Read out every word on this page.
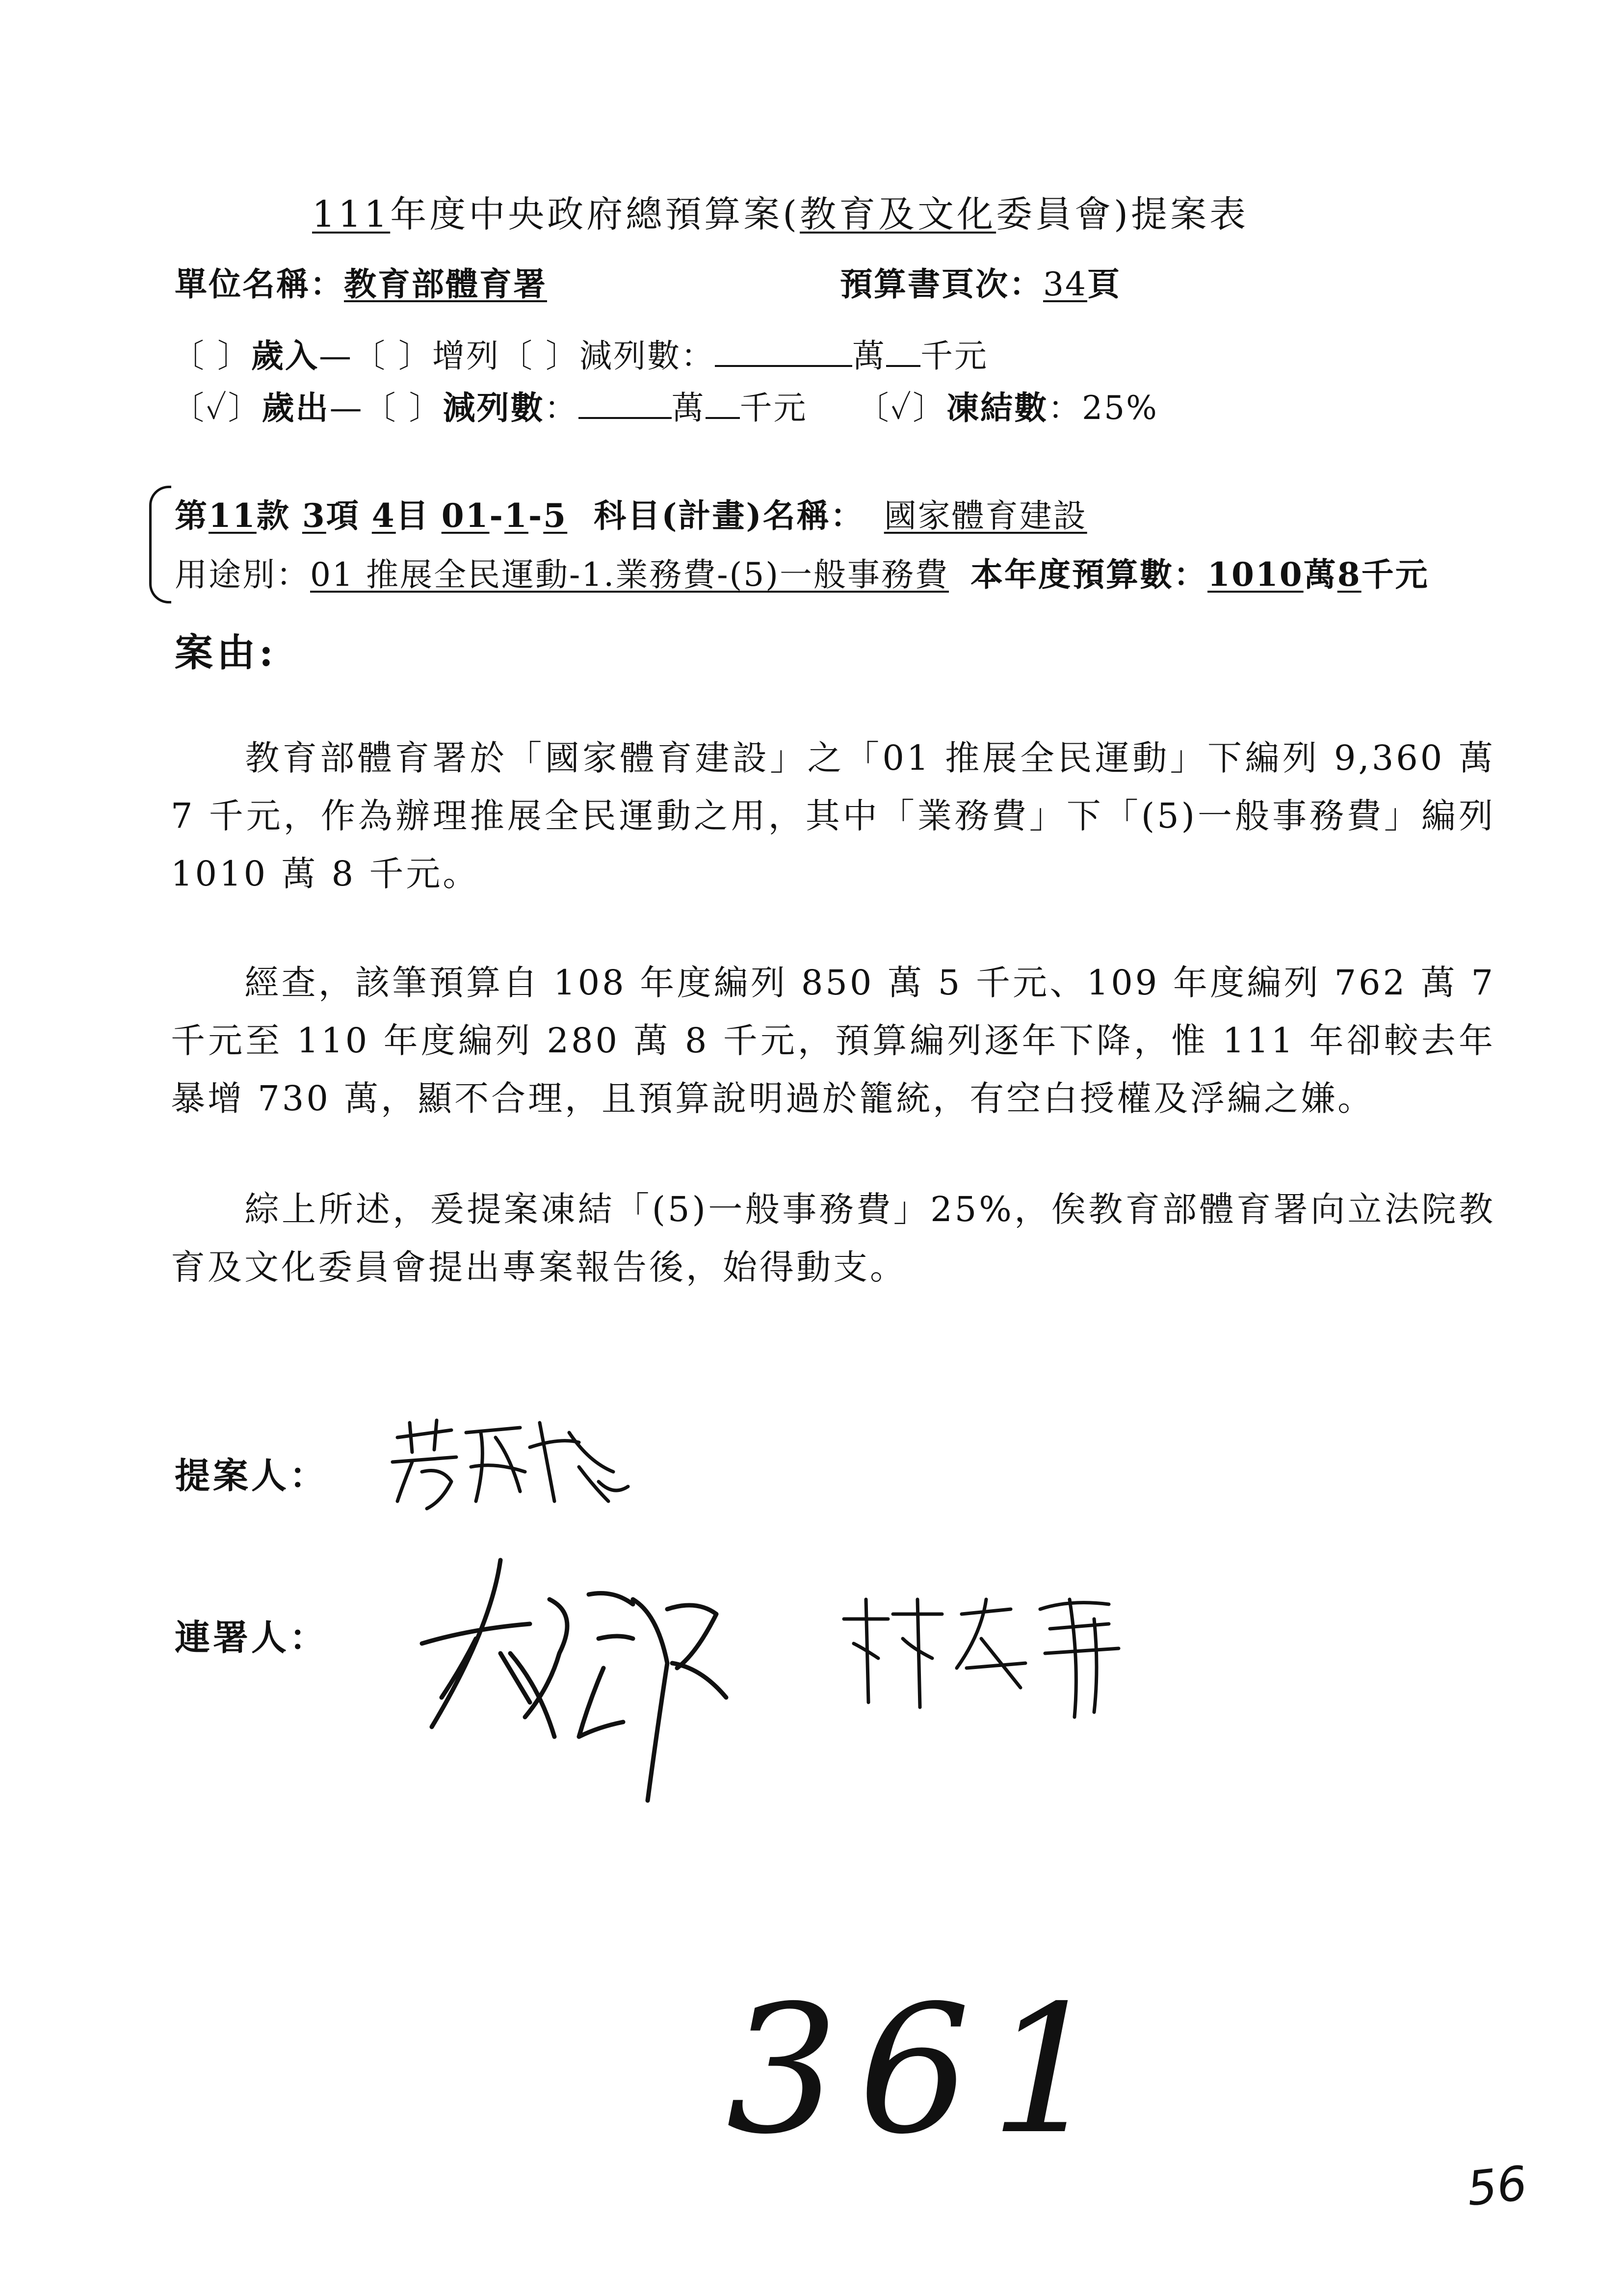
111年度中央政府總預算案(教育及文化委員會)提案表
單位名稱：教育部體育署	預算書頁次：34頁
〔 〕歲入—〔 〕增列〔 〕減列數：	萬 千元
〔✓〕歲出—〔 〕減列數：	萬 千元 〔✓〕凍結數：25%
第11款 3項 4目 01-1-5 科目(計畫)名稱： 國家體育建設
用途別：01 推展全民運動-1.業務費-(5)一般事務費 本年度預算數：1010萬8千元
案由:
教育部體育署於「國家體育建設」之「01 推展全民運動」下編列 9,360 萬 7 千元，作為辦理推展全民運動之用，其中「業務費」下「(5)一般事務費」編列 1010 萬 8 千元。
經查，該筆預算自 108 年度編列 850 萬 5 千元、109 年度編列 762 萬 7 千元至 110 年度編列 280 萬 8 千元，預算編列逐年下降，惟 111 年卻較去年暴增 730 萬，顯不合理，且預算說明過於籠統，有空白授權及浮編之嫌。
綜上所述，爰提案凍結「(5)一般事務費」25%，俟教育部體育署向立法院教育及文化委員會提出專案報告後，始得動支。
提案人：
連署人：
361
56
